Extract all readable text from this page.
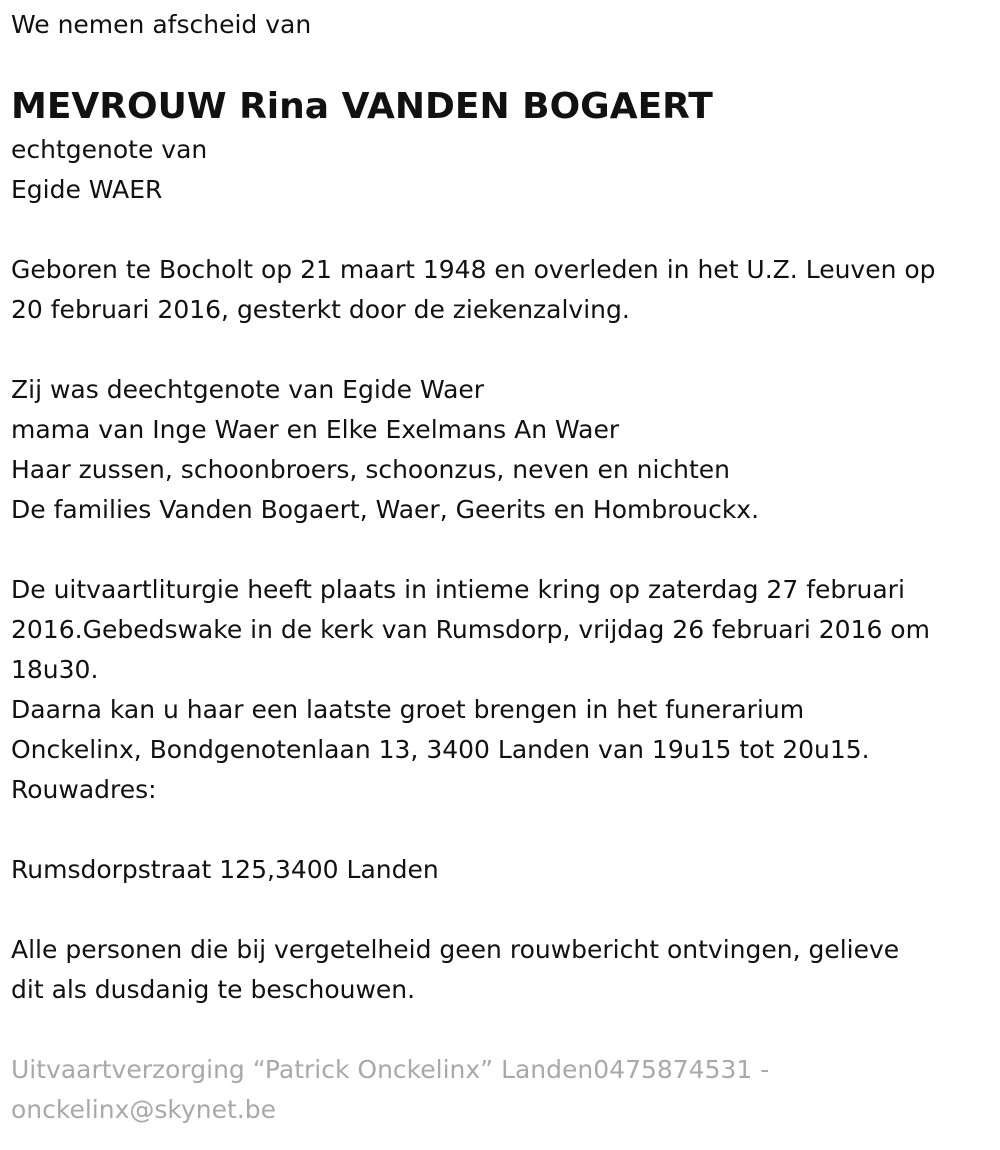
We nemen afscheid van

MEVROUW Rina VANDEN BOGAERT

echtgenote van

Egide WAER

Geboren te Bocholt op 21 maart 1948 en overleden in het U.Z. Leuven op

20 februari 2016, gesterkt door de ziekenzalving.

Zij was deechtgenote van Egide Waer

mama van Inge Waer en Elke Exelmans An Waer

Haar zussen, schoonbroers, schoonzus, neven en nichten

De families Vanden Bogaert, Waer, Geerits en Hombrouckx.

De uitvaartliturgie heeft plaats in intieme kring op zaterdag 27 februari

2016.Gebedswake in de kerk van Rumsdorp, vrijdag 26 februari 2016 om

18u30.

Daarna kan u haar een laatste groet brengen in het funerarium

Onckelinx, Bondgenotenlaan 13, 3400 Landen van 19u15 tot 20u15.

Rouwadres:

Rumsdorpstraat 125,3400 Landen

Alle personen die bij vergetelheid geen rouwbericht ontvingen, gelieve

dit als dusdanig te beschouwen.

Uitvaartverzorging “Patrick Onckelinx” Landen0475874531 -

onckelinx@skynet.be
